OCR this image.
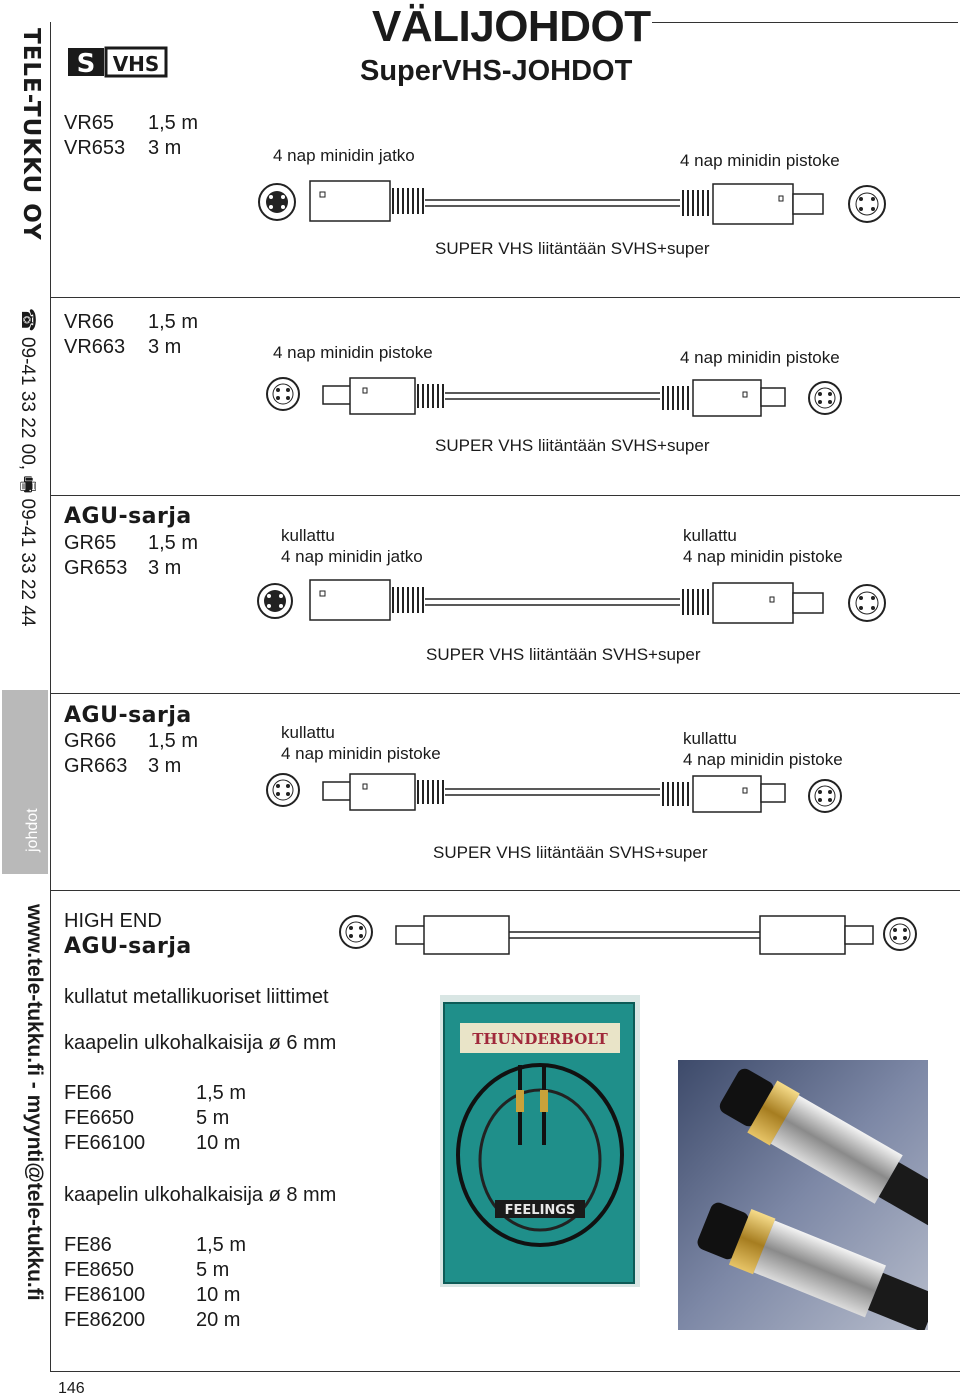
TELE-TUKKU OY
☎ 09-41 33 22 00, 🖷 09-41 33 22 44
johdot
www.tele-tukku.fi - myynti@tele-tukku.fi
VÄLIJOHDOT
SuperVHS-JOHDOT
S VHS
VR65 1,5 m
VR653 3 m	4 nap minidin jatko	4 nap minidin pistoke
SUPER VHS liitäntään SVHS+super
VR66 1,5 m
VR663 3 m	4 nap minidin pistoke	4 nap minidin pistoke
SUPER VHS liitäntään SVHS+super
AGU-sarja
GR65 1,5 m
GR653 3 m
kullattu
4 nap minidin jatko
kullattu
4 nap minidin pistoke
SUPER VHS liitäntään SVHS+super
AGU-sarja
GR66 1,5 m
GR663 3 m
kullattu
4 nap minidin pistoke
kullattu
4 nap minidin pistoke
SUPER VHS liitäntään SVHS+super
HIGH END
AGU-sarja
kullatut metallikuoriset liittimet
kaapelin ulkohalkaisija ø 6 mm
FE66	1,5 m
FE6650	5 m
FE66100	10 m
kaapelin ulkohalkaisija ø 8 mm
FE86	1,5 m
FE8650	5 m
FE86100	10 m
FE86200	20 m
THUNDERBOLT
FEELINGS
146
